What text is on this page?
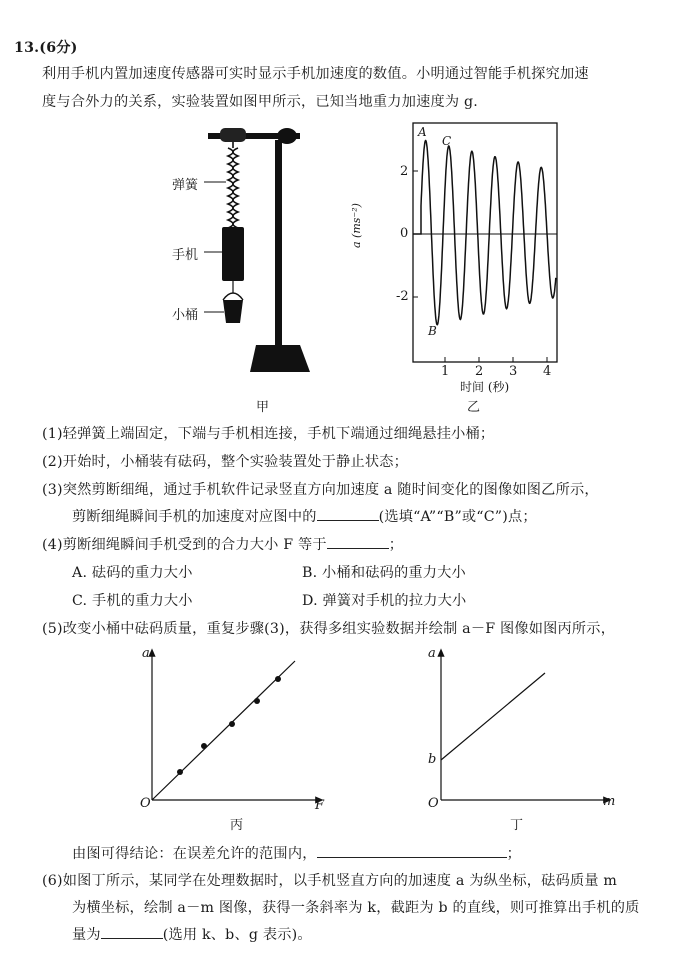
13.(6分)
利用手机内置加速度传感器可实时显示手机加速度的数值。小明通过智能手机探究加速
度与合外力的关系，实验装置如图甲所示，已知当地重力加速度为 g.
弹簧
手机
小桶
甲
2
0
-2
1 2 3 4
时间 (秒)
a (ms⁻²)
A
C
B
乙
(1)轻弹簧上端固定，下端与手机相连接，手机下端通过细绳悬挂小桶；
(2)开始时，小桶装有砝码，整个实验装置处于静止状态；
(3)突然剪断细绳，通过手机软件记录竖直方向加速度 a 随时间变化的图像如图乙所示，
剪断细绳瞬间手机的加速度对应图中的	(选填“A”“B”或“C”)点；
(4)剪断细绳瞬间手机受到的合力大小 F 等于	；
A. 砝码的重力大小	B. 小桶和砝码的重力大小
C. 手机的重力大小	D. 弹簧对手机的拉力大小
(5)改变小桶中砝码质量，重复步骤(3)，获得多组实验数据并绘制 a－F 图像如图丙所示，
a
O	F
丙
a
b
O	m
丁
由图可得结论：在误差允许的范围内，	；
(6)如图丁所示，某同学在处理数据时，以手机竖直方向的加速度 a 为纵坐标，砝码质量 m
为横坐标，绘制 a－m 图像，获得一条斜率为 k，截距为 b 的直线，则可推算出手机的质
量为	(选用 k、b、g 表示)。
